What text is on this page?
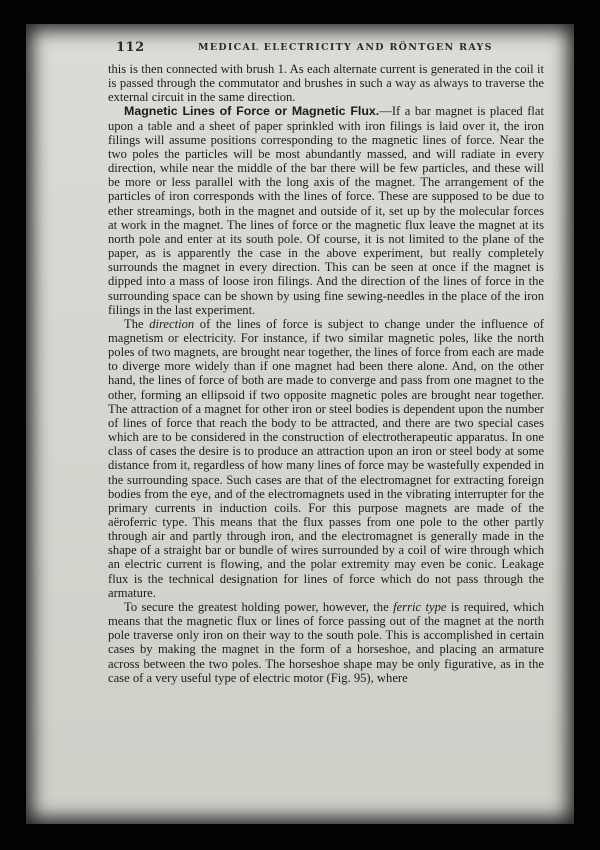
112	MEDICAL ELECTRICITY AND RÖNTGEN RAYS

this is then connected with brush 1. As each alternate current is generated in the coil it is passed through the commutator and brushes in such a way as always to traverse the external circuit in the same direction.

Magnetic Lines of Force or Magnetic Flux.—If a bar magnet is placed flat upon a table and a sheet of paper sprinkled with iron filings is laid over it, the iron filings will assume positions corresponding to the magnetic lines of force. Near the two poles the particles will be most abundantly massed, and will radiate in every direction, while near the middle of the bar there will be few particles, and these will be more or less parallel with the long axis of the magnet. The arrangement of the particles of iron corresponds with the lines of force. These are supposed to be due to ether streamings, both in the magnet and outside of it, set up by the molecular forces at work in the magnet. The lines of force or the magnetic flux leave the magnet at its north pole and enter at its south pole. Of course, it is not limited to the plane of the paper, as is apparently the case in the above experiment, but really completely surrounds the magnet in every direction. This can be seen at once if the magnet is dipped into a mass of loose iron filings. And the direction of the lines of force in the surrounding space can be shown by using fine sewing-needles in the place of the iron filings in the last experiment.

The direction of the lines of force is subject to change under the influence of magnetism or electricity. For instance, if two similar magnetic poles, like the north poles of two magnets, are brought near together, the lines of force from each are made to diverge more widely than if one magnet had been there alone. And, on the other hand, the lines of force of both are made to converge and pass from one magnet to the other, forming an ellipsoid if two opposite magnetic poles are brought near together. The attraction of a magnet for other iron or steel bodies is dependent upon the number of lines of force that reach the body to be attracted, and there are two special cases which are to be considered in the construction of electrotherapeutic apparatus. In one class of cases the desire is to produce an attraction upon an iron or steel body at some distance from it, regardless of how many lines of force may be wastefully expended in the surrounding space. Such cases are that of the electromagnet for extracting foreign bodies from the eye, and of the electromagnets used in the vibrating interrupter for the primary currents in induction coils. For this purpose magnets are made of the aëroferric type. This means that the flux passes from one pole to the other partly through air and partly through iron, and the electromagnet is generally made in the shape of a straight bar or bundle of wires surrounded by a coil of wire through which an electric current is flowing, and the polar extremity may even be conic. Leakage flux is the technical designation for lines of force which do not pass through the armature.

To secure the greatest holding power, however, the ferric type is required, which means that the magnetic flux or lines of force passing out of the magnet at the north pole traverse only iron on their way to the south pole. This is accomplished in certain cases by making the magnet in the form of a horseshoe, and placing an armature across between the two poles. The horseshoe shape may be only figurative, as in the case of a very useful type of electric motor (Fig. 95), where
